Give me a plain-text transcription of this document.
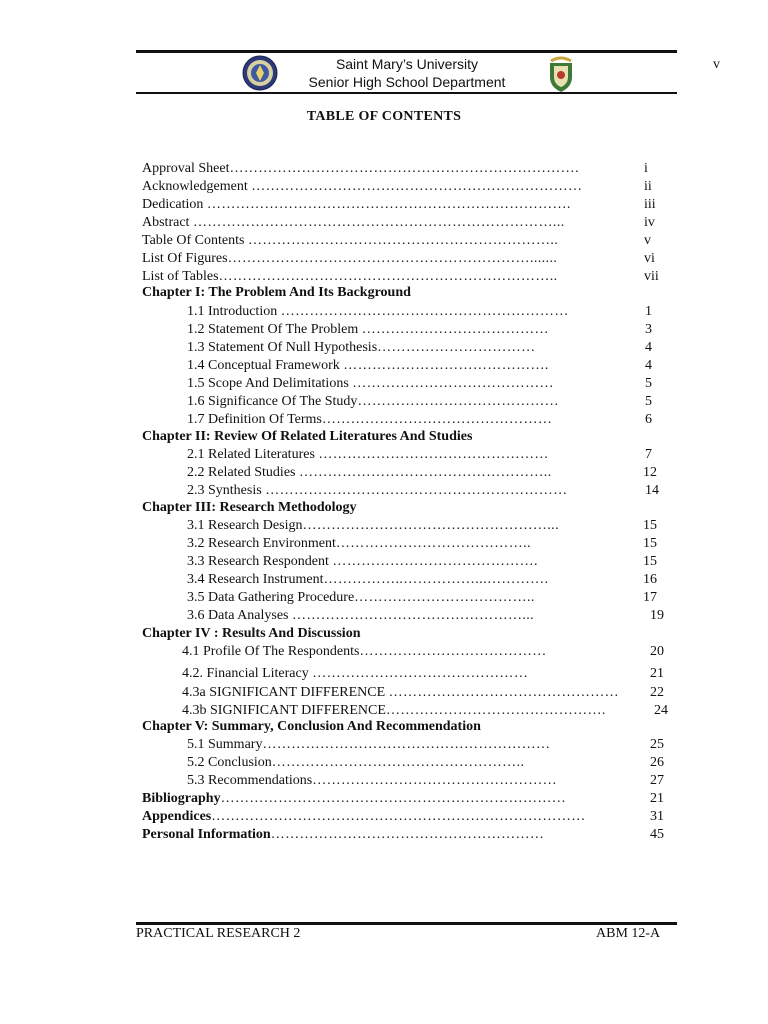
v
Saint Mary’s University
Senior High School Department
TABLE OF CONTENTS
Approval Sheet……………………………………………………………….	i
Acknowledgement ……………………………………………………………	ii
Dedication ………………………………………………………………….	iii
Abstract …………………………………………………………………...	iv
Table Of Contents ………………………………………………………..	v
List Of Figures……………………………………………………….......	vi
List of Tables……………………………………………………………..	vii
Chapter I: The Problem And Its Background
1.1 Introduction ……………………………………………………	1
1.2 Statement Of The Problem …………………………………	3
1.3 Statement Of Null Hypothesis……………………………	4
1.4 Conceptual Framework …………………………………….	4
1.5 Scope And Delimitations ……………………………………	5
1.6 Significance Of The Study……………………………………	5
1.7 Definition Of Terms…………………………………………	6
Chapter II: Review Of Related Literatures And Studies
2.1 Related Literatures …………………………………………	7
2.2 Related Studies ……………………………………………..	12
2.3 Synthesis ………………………………………………………	14
Chapter III: Research Methodology
3.1 Research Design……………………………………………...	15
3.2 Research Environment…………………………………..	15
3.3 Research Respondent …………………………………….	15
3.4 Research Instrument……………..……………...………….	16
3.5 Data Gathering Procedure………………………………..	17
3.6 Data Analyses …………………………………………...	19
Chapter IV : Results And Discussion
4.1 Profile Of The Respondents…………………………………	20
4.2. Financial Literacy ………………………………………	21
4.3a SIGNIFICANT DIFFERENCE ………………………………………… 22
4.3b SIGNIFICANT DIFFERENCE……………………………………….	24
Chapter V: Summary, Conclusion And Recommendation
5.1 Summary……………………………………………………	25
5.2 Conclusion……………………………………………..	26
5.3 Recommendations……………………………………………	27
Bibliography………………………………………………………………	21
Appendices……………………………………………………………………	31
Personal Information…………………………………………………	45
PRACTICAL RESEARCH 2	ABM 12-A
